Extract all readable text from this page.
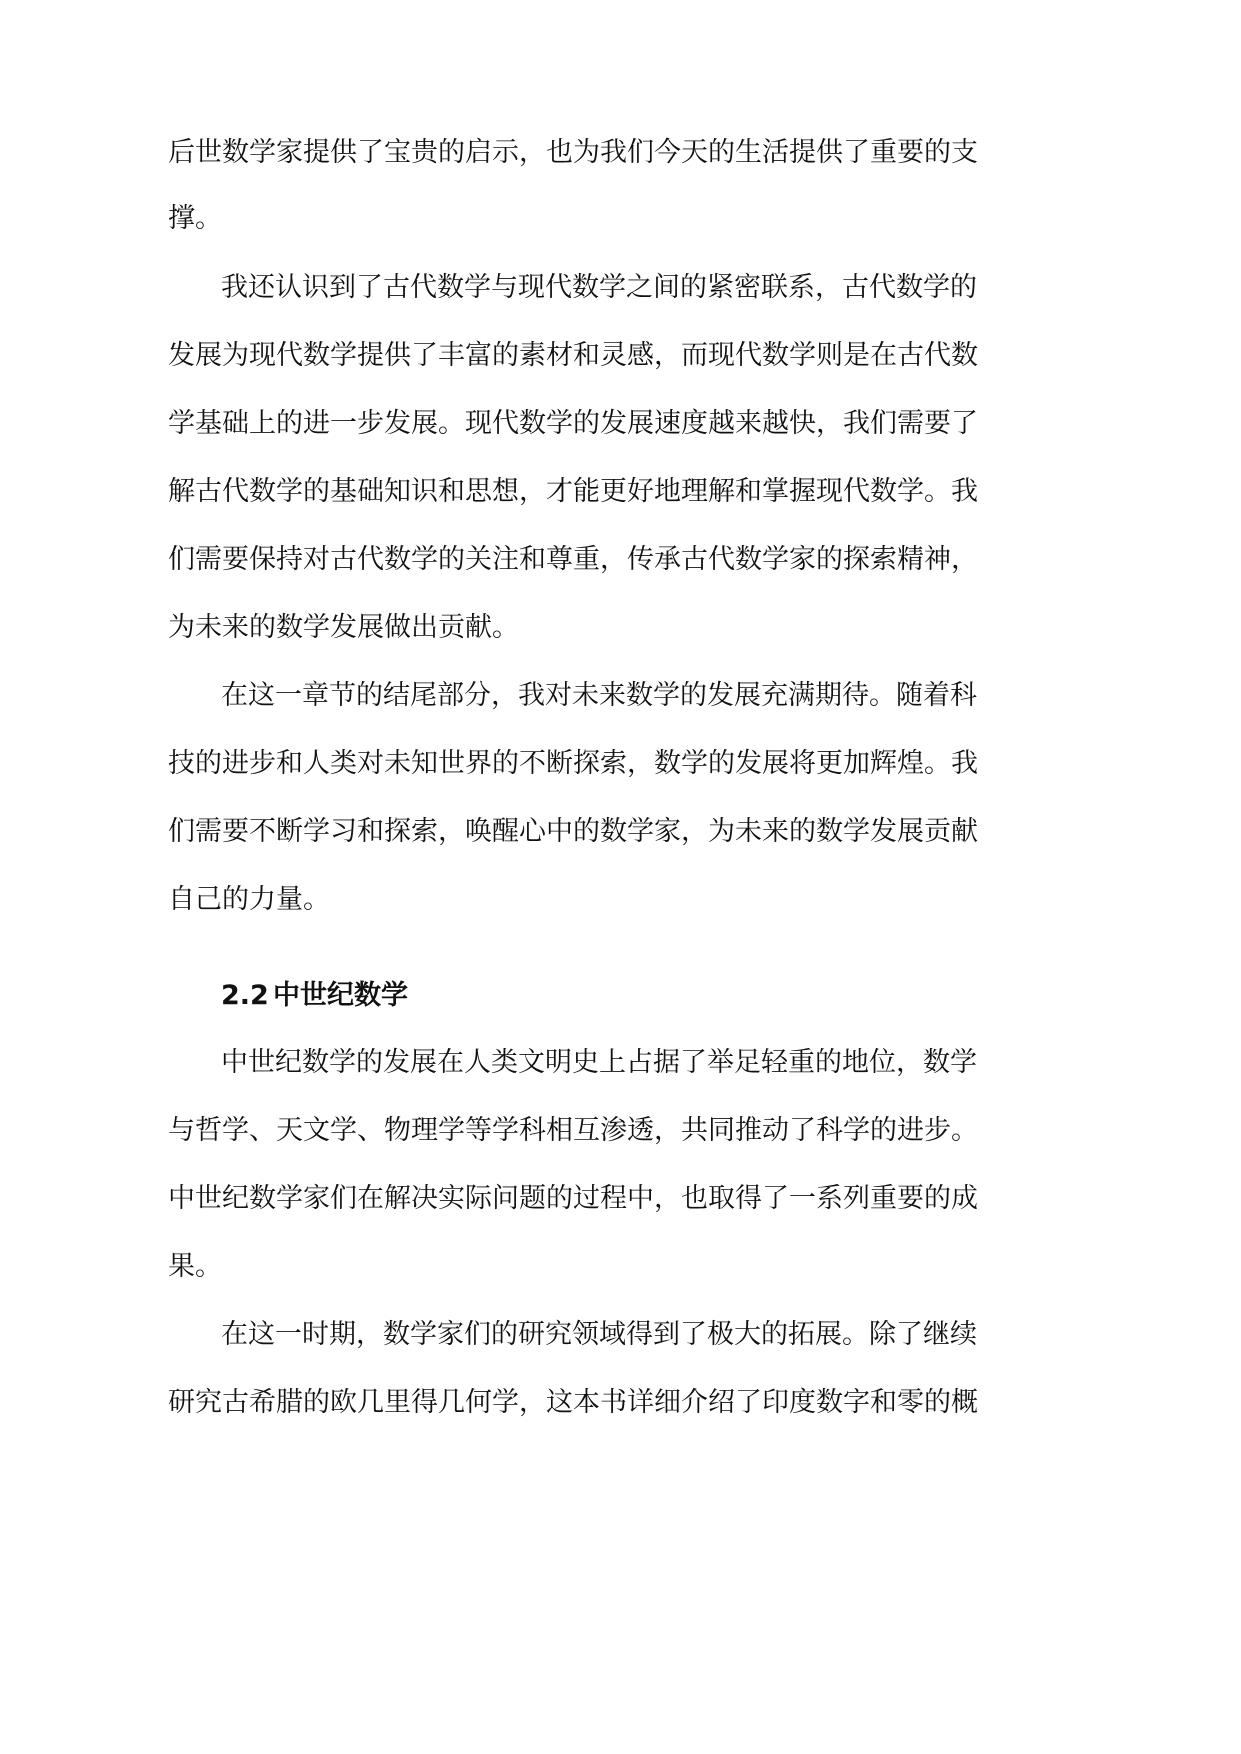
后世数学家提供了宝贵的启示，也为我们今天的生活提供了重要的支
撑。
我还认识到了古代数学与现代数学之间的紧密联系，古代数学的
发展为现代数学提供了丰富的素材和灵感，而现代数学则是在古代数
学基础上的进一步发展。现代数学的发展速度越来越快，我们需要了
解古代数学的基础知识和思想，才能更好地理解和掌握现代数学。我
们需要保持对古代数学的关注和尊重，传承古代数学家的探索精神，
为未来的数学发展做出贡献。
在这一章节的结尾部分，我对未来数学的发展充满期待。随着科
技的进步和人类对未知世界的不断探索，数学的发展将更加辉煌。我
们需要不断学习和探索，唤醒心中的数学家，为未来的数学发展贡献
自己的力量。
2.2 中世纪数学
中世纪数学的发展在人类文明史上占据了举足轻重的地位，数学
与哲学、天文学、物理学等学科相互渗透，共同推动了科学的进步。
中世纪数学家们在解决实际问题的过程中，也取得了一系列重要的成
果。
在这一时期，数学家们的研究领域得到了极大的拓展。除了继续
研究古希腊的欧几里得几何学，这本书详细介绍了印度数字和零的概
